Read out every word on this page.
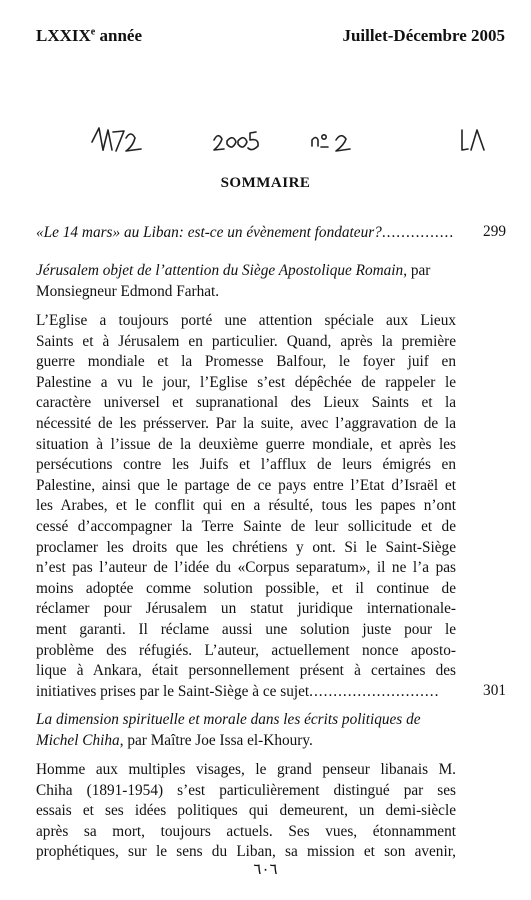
LXXIXe année	Juillet-Décembre 2005
SOMMAIRE
«Le 14 mars» au Liban: est-ce un évènement fondateur?...............	299
Jérusalem objet de l’attention du Siège Apostolique Romain, par Monsiegneur Edmond Farhat.
L’Eglise a toujours porté une attention spéciale aux Lieux
Saints et à Jérusalem en particulier. Quand, après la première
guerre mondiale et la Promesse Balfour, le foyer juif en
Palestine a vu le jour, l’Eglise s’est dépêchée de rappeler le
caractère universel et supranational des Lieux Saints et la
nécessité de les présserver. Par la suite, avec l’aggravation de la
situation à l’issue de la deuxième guerre mondiale, et après les
persécutions contre les Juifs et l’afflux de leurs émigrés en
Palestine, ainsi que le partage de ce pays entre l’Etat d’Israël et
les Arabes, et le conflit qui en a résulté, tous les papes n’ont
cessé d’accompagner la Terre Sainte de leur sollicitude et de
proclamer les droits que les chrétiens y ont. Si le Saint-Siège
n’est pas l’auteur de l’idée du «Corpus separatum», il ne l’a pas
moins adoptée comme solution possible, et il continue de
réclamer pour Jérusalem un statut juridique internationale-
ment garanti. Il réclame aussi une solution juste pour le
problème des réfugiés. L’auteur, actuellement nonce aposto-
lique à Ankara, était personnellement présent à certaines des
initiatives prises par le Saint-Siège à ce sujet...........................	301
La dimension spirituelle et morale dans les écrits politiques de Michel Chiha, par Maître Joe Issa el-Khoury.
Homme aux multiples visages, le grand penseur libanais M.
Chiha (1891-1954) s’est particulièrement distingué par ses
essais et ses idées politiques qui demeurent, un demi-siècle
après sa mort, toujours actuels. Ses vues, étonnamment
prophétiques, sur le sens du Liban, sa mission et son avenir,
٦٠٦
